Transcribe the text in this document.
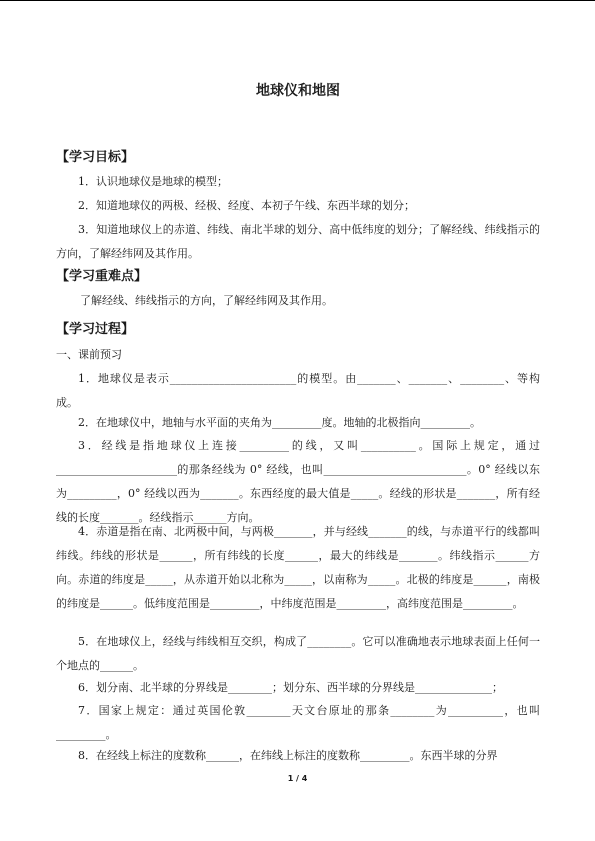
地球仪和地图
【学习目标】
1．认识地球仪是地球的模型；
2．知道地球仪的两极、经极、经度、本初子午线、东西半球的划分；
3．知道地球仪上的赤道、纬线、南北半球的划分、高中低纬度的划分；了解经线、纬线指示的方向，了解经纬网及其作用。
【学习重难点】
了解经线、纬线指示的方向，了解经纬网及其作用。
【学习过程】
一、课前预习
1．地球仪是表示_______________________的模型。由_______、_______、________、等构成。
2．在地球仪中，地轴与水平面的夹角为_________度。地轴的北极指向_________。
3．经线是指地球仪上连接_________的线，又叫__________。国际上规定，通过______________________的那条经线为 0° 经线，也叫__________________________。0° 经线以东为_________，0° 经线以西为_______。东西经度的最大值是_____。经线的形状是_______，所有经线的长度_______。经线指示______方向。
4．赤道是指在南、北两极中间，与两极_______，并与经线_______的线，与赤道平行的线都叫纬线。纬线的形状是______，所有纬线的长度______，最大的纬线是_______。纬线指示______方向。赤道的纬度是_____，从赤道开始以北称为_____，以南称为_____。北极的纬度是______，南极的纬度是______。低纬度范围是_________，中纬度范围是_________，高纬度范围是_________。
5．在地球仪上，经线与纬线相互交织，构成了________。它可以准确地表示地球表面上任何一个地点的______。
6．划分南、北半球的分界线是________；划分东、西半球的分界线是______________；
7．国家上规定：通过英国伦敦________天文台原址的那条________为__________，也叫_________。
8．在经线上标注的度数称______，在纬线上标注的度数称_________。东西半球的分界
1 / 4
